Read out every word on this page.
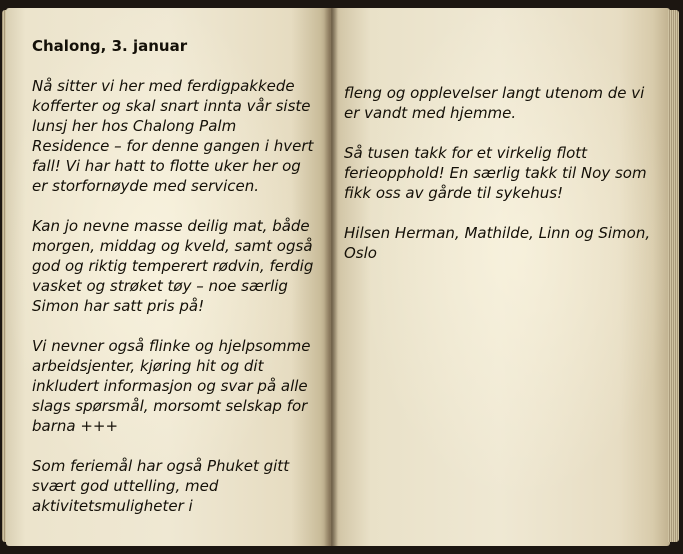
Chalong, 3. januar

Nå sitter vi her med ferdigpakkede kofferter og skal snart innta vår siste lunsj her hos Chalong Palm Residence – for denne gangen i hvert fall! Vi har hatt to flotte uker her og er storfornøyde med servicen.

Kan jo nevne masse deilig mat, både morgen, middag og kveld, samt også god og riktig temperert rødvin, ferdig vasket og strøket tøy – noe særlig Simon har satt pris på!

Vi nevner også flinke og hjelpsomme arbeidsjenter, kjøring hit og dit inkludert informasjon og svar på alle slags spørsmål, morsomt selskap for barna +++

Som feriemål har også Phuket gitt svært god uttelling, med aktivitetsmuligheter i

fleng og opplevelser langt utenom de vi er vandt med hjemme.

Så tusen takk for et virkelig flott ferieopphold! En særlig takk til Noy som fikk oss av gårde til sykehus!

Hilsen Herman, Mathilde, Linn og Simon, Oslo
